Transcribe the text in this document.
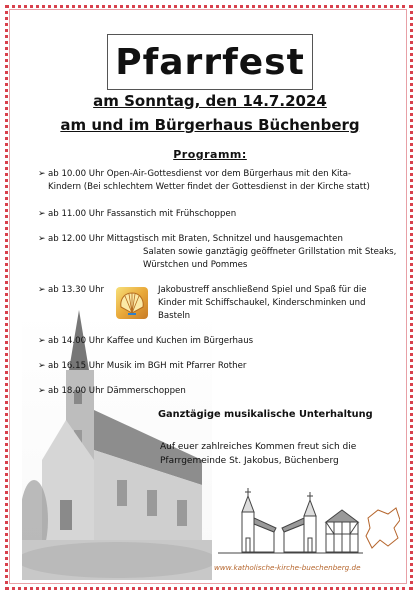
Pfarrfest
am Sonntag, den 14.7.2024
am und im Bürgerhaus Büchenberg
Programm:
➢ ab 10.00 Uhr Open-Air-Gottesdienst vor dem Bürgerhaus mit den Kita-
Kindern (Bei schlechtem Wetter findet der Gottesdienst in der Kirche statt)
➢ ab 11.00 Uhr Fassanstich mit Frühschoppen
➢ ab 12.00 Uhr Mittagstisch mit Braten, Schnitzel und hausgemachten
Salaten sowie ganztägig geöffneter Grillstation mit Steaks,
Würstchen und Pommes
➢ ab 13.30 Uhr	Jakobustreff anschließend Spiel und Spaß für die
Kinder mit Schiffschaukel, Kinderschminken und
Basteln
➢ ab 14.00 Uhr Kaffee und Kuchen im Bürgerhaus
➢ ab 16.15 Uhr Musik im BGH mit Pfarrer Rother
➢ ab 18.00 Uhr Dämmerschoppen
Ganztägige musikalische Unterhaltung
Auf euer zahlreiches Kommen freut sich die
Pfarrgemeinde St. Jakobus, Büchenberg
www.katholische-kirche-buechenberg.de
